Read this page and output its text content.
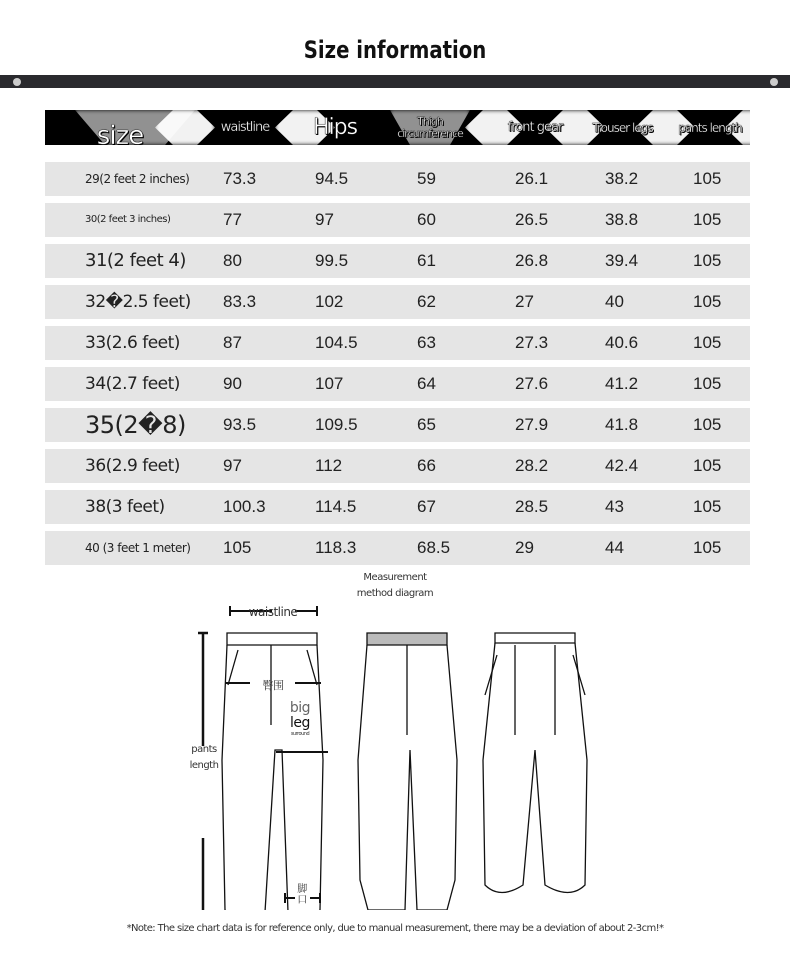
Size information
size	waistline	Hips	Thigh circumference	front gear	Trouser legs	pants length
29(2 feet 2 inches) 73.3	94.5	59	26.1	38.2	105
30(2 feet 3 inches)	77	97	60	26.5	38.8	105
31(2 feet 4) 80	99.5	61	26.8	39.4	105
32�2.5 feet) 83.3	102	62	27	40	105
33(2.6 feet)	87	104.5	63	27.3	40.6	105
34(2.7 feet)	90	107	64	27.6	41.2	105
35(2�8) 93.5	109.5	65	27.9	41.8	105
36(2.9 feet)	97	112	66	28.2	42.4	105
38(3 feet)	100.3	114.5	67	28.5	43	105
40 (3 feet 1 meter) 105	118.3	68.5	29	44	105
Measurement method diagram
waistline
臀围
big
leg
surround
pants length
脚口
*Note: The size chart data is for reference only, due to manual measurement, there may be a deviation of about 2-3cm!*
